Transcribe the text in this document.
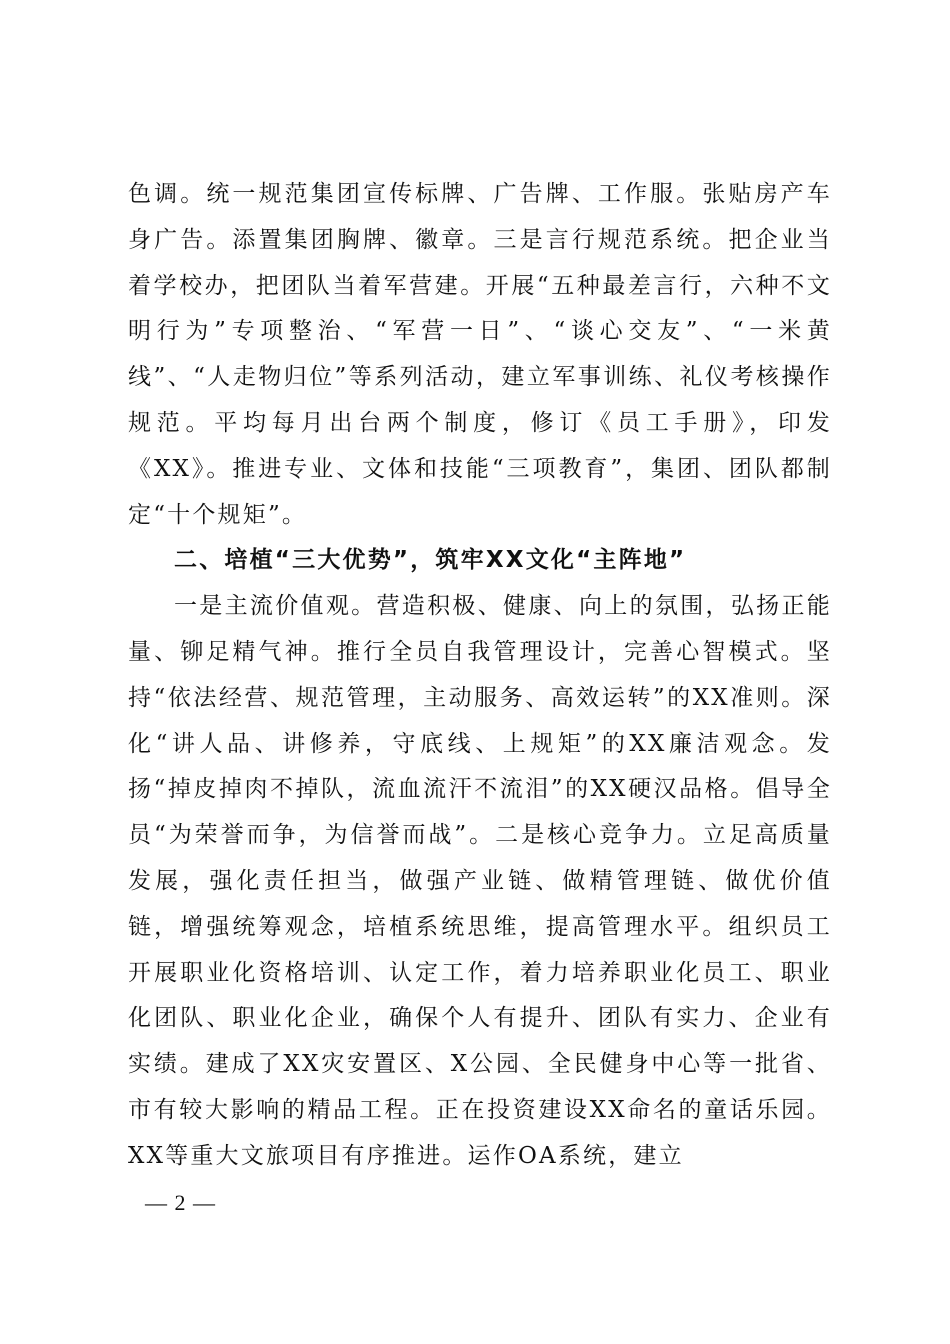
色调。统一规范集团宣传标牌、广告牌、工作服。张贴房产车身广告。添置集团胸牌、徽章。三是言行规范系统。把企业当着学校办，把团队当着军营建。开展“五种最差言行，六种不文明行为”专项整治、“军营一日”、“谈心交友”、“一米黄线”、“人走物归位”等系列活动，建立军事训练、礼仪考核操作规范。平均每月出台两个制度，修订《员工手册》，印发《XX》。推进专业、文体和技能“三项教育”，集团、团队都制定“十个规矩”。

二、培植“三大优势”，筑牢XX文化“主阵地”

一是主流价值观。营造积极、健康、向上的氛围，弘扬正能量、铆足精气神。推行全员自我管理设计，完善心智模式。坚持“依法经营、规范管理，主动服务、高效运转”的XX准则。深化“讲人品、讲修养，守底线、上规矩”的XX廉洁观念。发扬“掉皮掉肉不掉队，流血流汗不流泪”的XX硬汉品格。倡导全员“为荣誉而争，为信誉而战”。二是核心竞争力。立足高质量发展，强化责任担当，做强产业链、做精管理链、做优价值链，增强统筹观念，培植系统思维，提高管理水平。组织员工开展职业化资格培训、认定工作，着力培养职业化员工、职业化团队、职业化企业，确保个人有提升、团队有实力、企业有实绩。建成了XX灾安置区、X公园、全民健身中心等一批省、市有较大影响的精品工程。正在投资建设XX命名的童话乐园。XX等重大文旅项目有序推进。运作OA系统，建立

— 2 —
